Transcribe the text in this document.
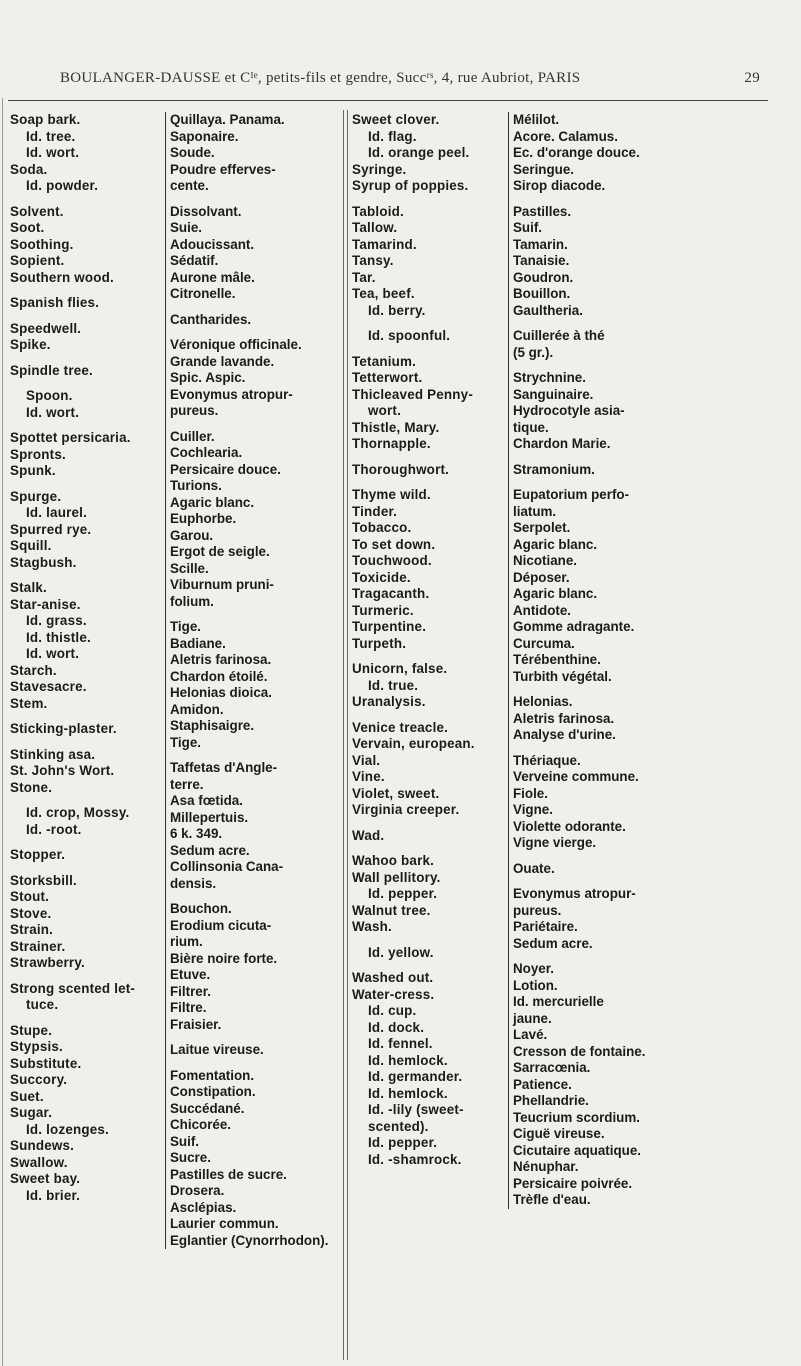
BOULANGER-DAUSSE et Cᴵᵉ, petits-fils et gendre, Succʳˢ, 4, rue Aubriot, PARIS	29
Soap bark.
Id. tree.
Id. wort.
Soda.
Id. powder.
Solvent.
Soot.
Soothing.
Sopient.
Southern wood.
Spanish flies.
Speedwell.
Spike.
Spindle tree.
Spoon.
Id. wort.
Spottet persicaria.
Spronts.
Spunk.
Spurge.
Id. laurel.
Spurred rye.
Squill.
Stagbush.
Stalk.
Star-anise.
Id. grass.
Id. thistle.
Id. wort.
Starch.
Stavesacre.
Stem.
Sticking-plaster.
Stinking asa.
St. John's Wort.
Stone.
Id. crop, Mossy.
Id. -root.
Stopper.
Storksbill.
Stout.
Stove.
Strain.
Strainer.
Strawberry.
Strong scented let-
tuce.
Stupe.
Stypsis.
Substitute.
Succory.
Suet.
Sugar.
Id. lozenges.
Sundews.
Swallow.
Sweet bay.
Id. brier.
Quillaya. Panama.
Saponaire.
Soude.
Poudre efferves-
cente.
Dissolvant.
Suie.
Adoucissant.
Sédatif.
Aurone mâle.
Citronelle.
Cantharides.
Véronique officinale.
Grande lavande.
Spic. Aspic.
Evonymus atropur-
pureus.
Cuiller.
Cochlearia.
Persicaire douce.
Turions.
Agaric blanc.
Euphorbe.
Garou.
Ergot de seigle.
Scille.
Viburnum pruni-
folium.
Tige.
Badiane.
Aletris farinosa.
Chardon étoilé.
Helonias dioica.
Amidon.
Staphisaigre.
Tige.
Taffetas d'Angle-
terre.
Asa fœtida.
Millepertuis.
6 k. 349.
Sedum acre.
Collinsonia Cana-
densis.
Bouchon.
Erodium cicuta-
rium.
Bière noire forte.
Etuve.
Filtrer.
Filtre.
Fraisier.
Laitue vireuse.
Fomentation.
Constipation.
Succédané.
Chicorée.
Suif.
Sucre.
Pastilles de sucre.
Drosera.
Asclépias.
Laurier commun.
Eglantier (Cynorrhodon).
Sweet clover.
Id. flag.
Id. orange peel.
Syringe.
Syrup of poppies.
Tabloid.
Tallow.
Tamarind.
Tansy.
Tar.
Tea, beef.
Id. berry.
Id. spoonful.
Tetanium.
Tetterwort.
Thicleaved Penny-
wort.
Thistle, Mary.
Thornapple.
Thoroughwort.
Thyme wild.
Tinder.
Tobacco.
To set down.
Touchwood.
Toxicide.
Tragacanth.
Turmeric.
Turpentine.
Turpeth.
Unicorn, false.
Id. true.
Uranalysis.
Venice treacle.
Vervain, european.
Vial.
Vine.
Violet, sweet.
Virginia creeper.
Wad.
Wahoo bark.
Wall pellitory.
Id. pepper.
Walnut tree.
Wash.
Id. yellow.
Washed out.
Water-cress.
Id. cup.
Id. dock.
Id. fennel.
Id. hemlock.
Id. germander.
Id. hemlock.
Id. -lily (sweet-
scented).
Id. pepper.
Id. -shamrock.
Mélilot.
Acore. Calamus.
Ec. d'orange douce.
Seringue.
Sirop diacode.
Pastilles.
Suif.
Tamarin.
Tanaisie.
Goudron.
Bouillon.
Gaultheria.
Cuillerée à thé
(5 gr.).
Strychnine.
Sanguinaire.
Hydrocotyle asia-
tique.
Chardon Marie.
Stramonium.
Eupatorium perfo-
liatum.
Serpolet.
Agaric blanc.
Nicotiane.
Déposer.
Agaric blanc.
Antidote.
Gomme adragante.
Curcuma.
Térébenthine.
Turbith végétal.
Helonias.
Aletris farinosa.
Analyse d'urine.
Thériaque.
Verveine commune.
Fiole.
Vigne.
Violette odorante.
Vigne vierge.
Ouate.
Evonymus atropur-
pureus.
Pariétaire.
Sedum acre.
Noyer.
Lotion.
Id. mercurielle
jaune.
Lavé.
Cresson de fontaine.
Sarracœnia.
Patience.
Phellandrie.
Teucrium scordium.
Ciguë vireuse.
Cicutaire aquatique.
Nénuphar.
Persicaire poivrée.
Trèfle d'eau.
